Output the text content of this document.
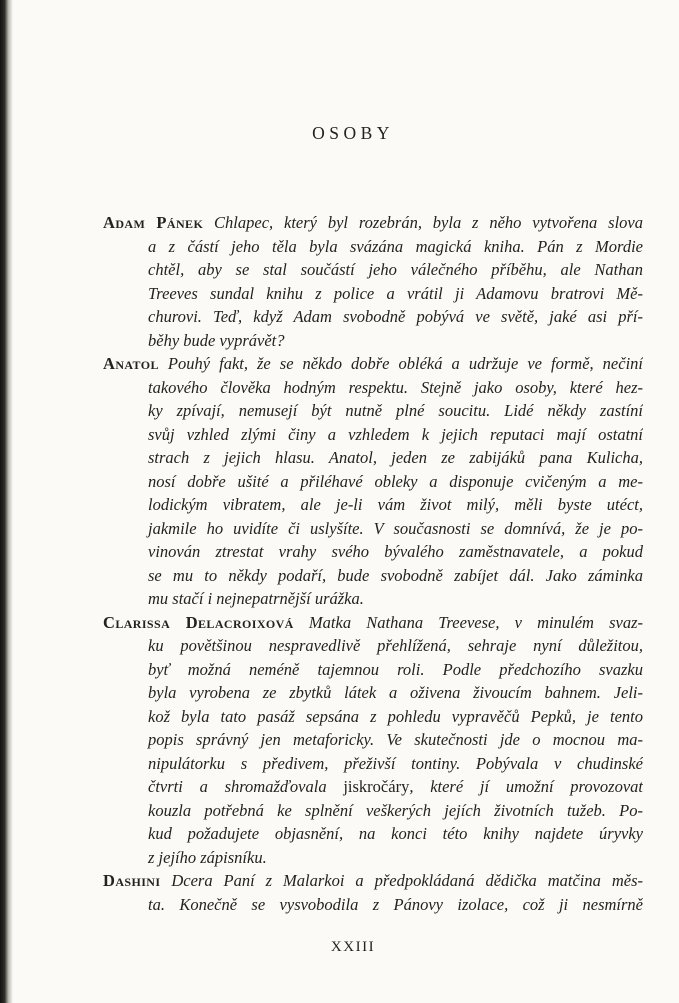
OSOBY
Adam Pánek Chlapec, který byl rozebrán, byla z něho vytvořena slova
a z částí jeho těla byla svázána magická kniha. Pán z Mordie
chtěl, aby se stal součástí jeho válečného příběhu, ale Nathan
Treeves sundal knihu z police a vrátil ji Adamovu bratrovi Mě-
churovi. Teď, když Adam svobodně pobývá ve světě, jaké asi pří-
běhy bude vyprávět?
Anatol Pouhý fakt, že se někdo dobře obléká a udržuje ve formě, nečiní
takového člověka hodným respektu. Stejně jako osoby, které hez-
ky zpívají, nemusejí být nutně plné soucitu. Lidé někdy zastíní
svůj vzhled zlými činy a vzhledem k jejich reputaci mají ostatní
strach z jejich hlasu. Anatol, jeden ze zabijáků pana Kulicha,
nosí dobře ušité a přiléhavé obleky a disponuje cvičeným a me-
lodickým vibratem, ale je-li vám život milý, měli byste utéct,
jakmile ho uvidíte či uslyšíte. V současnosti se domnívá, že je po-
vinován ztrestat vrahy svého bývalého zaměstnavatele, a pokud
se mu to někdy podaří, bude svobodně zabíjet dál. Jako záminka
mu stačí i nejnepatrnější urážka.
Clarissa Delacroixová Matka Nathana Treevese, v minulém svaz-
ku povětšinou nespravedlivě přehlížená, sehraje nyní důležitou,
byť možná neméně tajemnou roli. Podle předchozího svazku
byla vyrobena ze zbytků látek a oživena živoucím bahnem. Jeli-
kož byla tato pasáž sepsána z pohledu vypravěčů Pepků, je tento
popis správný jen metaforicky. Ve skutečnosti jde o mocnou ma-
nipulátorku s předivem, přeživší tontiny. Pobývala v chudinské
čtvrti a shromažďovala jiskročáry, které jí umožní provozovat
kouzla potřebná ke splnění veškerých jejích životních tužeb. Po-
kud požadujete objasnění, na konci této knihy najdete úryvky
z jejího zápisníku.
Dashini Dcera Paní z Malarkoi a předpokládaná dědička matčina měs-
ta. Konečně se vysvobodila z Pánovy izolace, což ji nesmírně
XXIII
